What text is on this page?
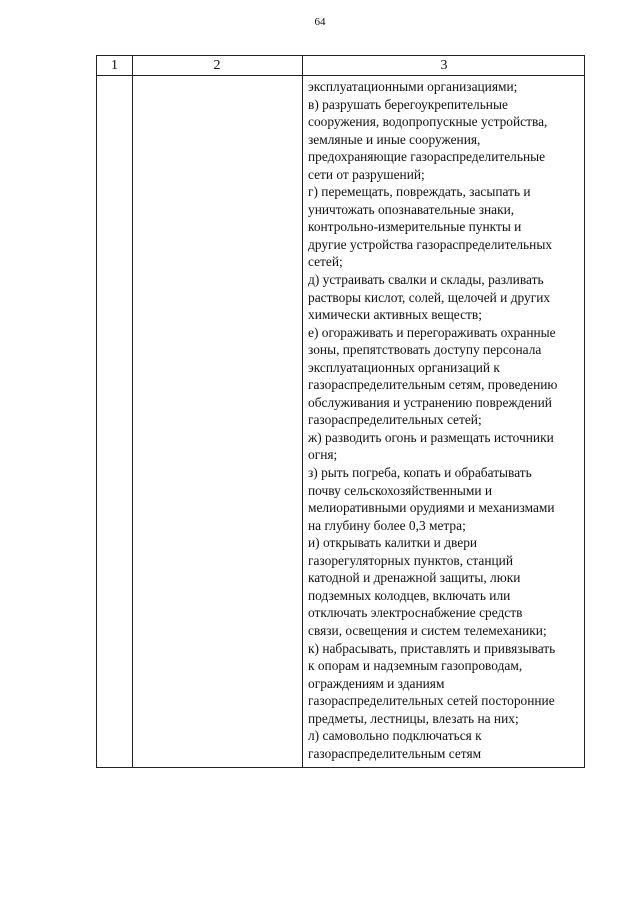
64
1	2	3
эксплуатационными организациями;
в) разрушать берегоукрепительные
сооружения, водопропускные устройства,
земляные и иные сооружения,
предохраняющие газораспределительные
сети от разрушений;
г) перемещать, повреждать, засыпать и
уничтожать опознавательные знаки,
контрольно-измерительные пункты и
другие устройства газораспределительных
сетей;
д) устраивать свалки и склады, разливать
растворы кислот, солей, щелочей и других
химически активных веществ;
е) огораживать и перегораживать охранные
зоны, препятствовать доступу персонала
эксплуатационных организаций к
газораспределительным сетям, проведению
обслуживания и устранению повреждений
газораспределительных сетей;
ж) разводить огонь и размещать источники
огня;
з) рыть погреба, копать и обрабатывать
почву сельскохозяйственными и
мелиоративными орудиями и механизмами
на глубину более 0,3 метра;
и) открывать калитки и двери
газорегуляторных пунктов, станций
катодной и дренажной защиты, люки
подземных колодцев, включать или
отключать электроснабжение средств
связи, освещения и систем телемеханики;
к) набрасывать, приставлять и привязывать
к опорам и надземным газопроводам,
ограждениям и зданиям
газораспределительных сетей посторонние
предметы, лестницы, влезать на них;
л) самовольно подключаться к
газораспределительным сетям
